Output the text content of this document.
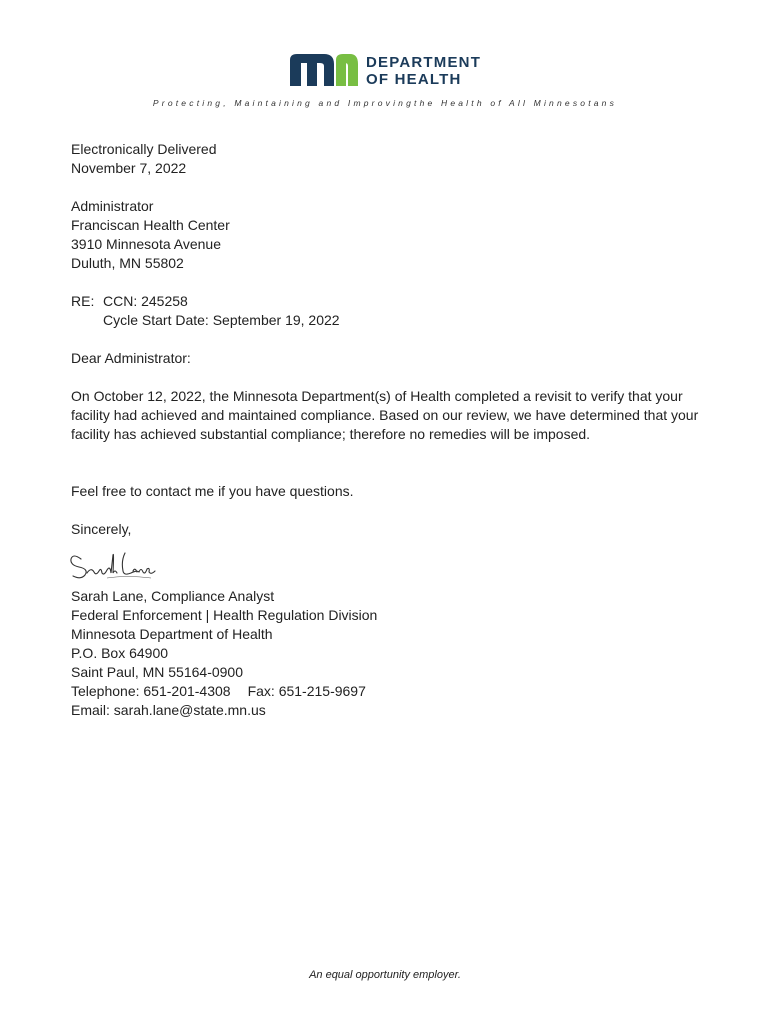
DEPARTMENT
OF HEALTH
Protecting, Maintaining and Improvingthe Health of All Minnesotans
Electronically Delivered
November 7, 2022
Administrator
Franciscan Health Center
3910 Minnesota Avenue
Duluth, MN 55802
RE: CCN: 245258
Cycle Start Date: September 19, 2022
Dear Administrator:
On October 12, 2022, the Minnesota Department(s) of Health completed a revisit to verify that your facility had achieved and maintained compliance. Based on our review, we have determined that your facility has achieved substantial compliance; therefore no remedies will be imposed.
Feel free to contact me if you have questions.
Sincerely,
Sarah Lane, Compliance Analyst
Federal Enforcement | Health Regulation Division
Minnesota Department of Health
P.O. Box 64900
Saint Paul, MN 55164-0900
Telephone: 651-201-4308 Fax: 651-215-9697
Email: sarah.lane@state.mn.us
An equal opportunity employer.
